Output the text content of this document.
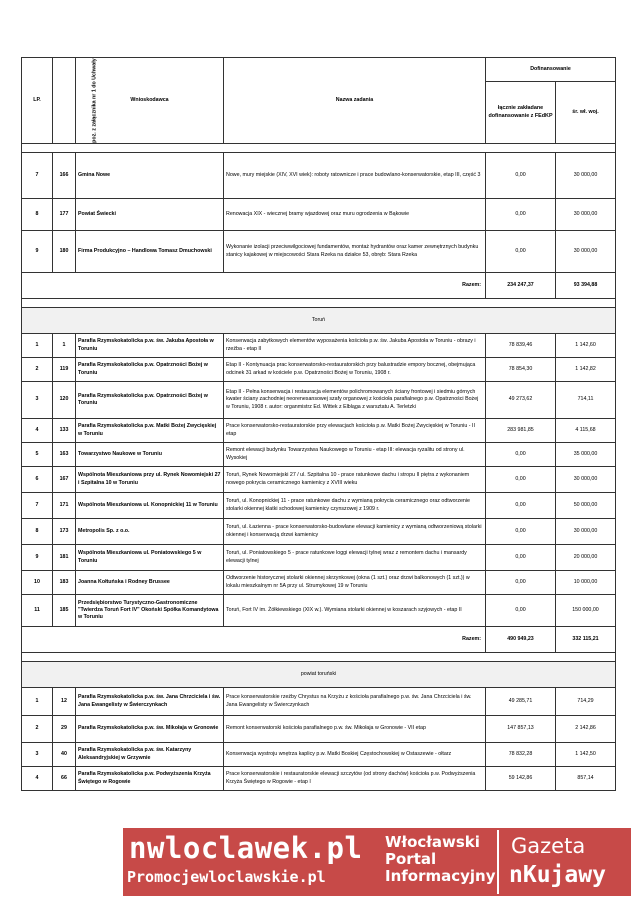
LP.	poz. z załącznika nr 1 do Uchwały	Wnioskodawca	Nazwa zadania	Dofinansowanie	
				łącznie zakładane dofinansowanie z FEdKP	śr. wł. woj.

7	166	Gmina Nowe	Nowe, mury miejskie (XIV, XVI wiek): roboty ratownicze i prace budowlano-konserwatorskie, etap III, część 3	0,00	30 000,00
8	177	Powiat Świecki	Renowacja XIX - wiecznej bramy wjazdowej oraz muru ogrodzenia w Bąkowie	0,00	30 000,00
9	180	Firma Produkcyjno – Handlowa Tomasz Dmuchowski	Wykonanie izolacji przeciwwilgociowej fundamentów, montaż hydrantów oraz kamer zewnętrznych budynku stanicy kajakowej w miejscowości Stara Rzeka na działce 53, obręb: Stara Rzeka	0,00	30 000,00
Razem:				234 247,37	93 394,88

Toruń					
1	1	Parafia Rzymskokatolicka p.w. św. Jakuba Apostoła w Toruniu	Konserwacja zabytkowych elementów wyposażenia kościoła p.w. św. Jakuba Apostoła w Toruniu - obrazy i rzeźba - etap II	78 839,46	1 142,60
2	119	Parafia Rzymskokatolicka p.w. Opatrzności Bożej w Toruniu	Etap II - Kontynuacja prac konserwatorsko-restauratorskich przy balustradzie empory bocznej, obejmująca odcinek 31 arkad w kościele p.w. Opatrzności Bożej w Toruniu, 1908 r.	78 854,30	1 142,82
3	120	Parafia Rzymskokatolicka p.w. Opatrzności Bożej w Toruniu	Etap II - Pełna konserwacja i restauracja elementów polichromowanych ściany frontowej i siedmiu górnych kwater ściany zachodniej neorenesansowej szafy organowej z kościoła parafialnego p.w. Opatrzności Bożej w Toruniu, 1908 r. autor: organmistrz Ed. Wittek z Elbląga z warsztatu A. Terletzki	49 273,62	714,11
4	133	Parafia Rzymskokatolicka p.w. Matki Bożej Zwycięskiej w Toruniu	Prace konserwatorsko-restauratorskie przy elewacjach kościoła p.w. Matki Bożej Zwycięskiej w Toruniu - II etap	283 981,85	4 115,68
5	163	Towarzystwo Naukowe w Toruniu	Remont elewacji budynku Towarzystwa Naukowego w Toruniu - etap III: elewacja ryzalitu od strony ul. Wysokiej	0,00	35 000,00
6	167	Wspólnota Mieszkaniowa przy ul. Rynek Nowomiejski 27 i Szpitalna 10 w Toruniu	Toruń, Rynek Nowomiejski 27 / ul. Szpitalna 10 - prace ratunkowe dachu i stropu II piętra z wykonaniem nowego pokrycia ceramicznego kamienicy z XVIII wieku	0,00	30 000,00
7	171	Wspólnota Mieszkaniowa ul. Konopnickiej 11 w Toruniu	Toruń, ul. Konopnickiej 11 - prace ratunkowe dachu z wymianą pokrycia ceramicznego oraz odtworzenie stolarki okiennej klatki schodowej kamienicy czynszowej z 1909 r.	0,00	50 000,00
8	173	Metropolis Sp. z o.o.	Toruń, ul. Łazienna - prace konserwatorsko-budowlane elewacji kamienicy z wymianą odtworzeniową stolarki okiennej i konserwacją drzwi kamienicy	0,00	30 000,00
9	181	Wspólnota Mieszkaniowa ul. Poniatowskiego 5 w Toruniu	Toruń, ul. Poniatowskiego 5 - prace ratunkowe loggi elewacji tylnej wraz z remontem dachu i mansardy elewacji tylnej	0,00	20 000,00
10	183	Joanna Kołtuńska i Rodney Brussee	Odtworzenie historycznej stolarki okiennej skrzynkowej (okna (1 szt.) oraz drzwi balkonowych (1 szt.)) w lokalu mieszkalnym nr 5A przy ul. Strumykowej 19 w Toruniu	0,00	10 000,00
11	185	Przedsiębiorstwo Turystyczno-Gastronomiczne "Twierdza Toruń Fort IV" Okoński Spółka Komandytowa w Toruniu	Toruń, Fort IV im. Żółkiewskiego (XIX w.). Wymiana stolarki okiennej w koszarach szyjowych - etap II	0,00	150 000,00
Razem:				490 949,23	332 115,21

powiat toruński					
1	12	Parafia Rzymskokatolicka p.w. św. Jana Chrzciciela i św. Jana Ewangelisty w Świerczynkach	Prace konserwatorskie rzeźby Chrystus na Krzyżu z kościoła parafialnego p.w. św. Jana Chrzciciela i św. Jana Ewangelisty w Świerczynkach	49 285,71	714,29
2	29	Parafia Rzymskokatolicka p.w. św. Mikołaja w Gronowie	Remont konserwatorski kościoła parafialnego p.w. św. Mikołaja w Gronowie - VII etap	147 857,13	2 142,86
3	40	Parafia Rzymskokatolicka p.w. św. Katarzyny Aleksandryjskiej w Grzywnie	Konserwacja wystroju wnętrza kaplicy p.w. Matki Boskiej Częstochowskiej w Ostaszewie - ołtarz	78 832,28	1 142,50
4	66	Parafia Rzymskokatolicka p.w. Podwyższenia Krzyża Świętego w Rogowie	Prace konserwatorskie i restauratorskie elewacji szczytów (od strony dachów) kościoła p.w. Podwyższenia Krzyża Świętego w Rogowie - etap I	59 142,86	857,14
nwloclawek.pl
Promocjewloclawskie.pl
Włocławski
Portal
Informacyjny
Gazeta
nKujawy
